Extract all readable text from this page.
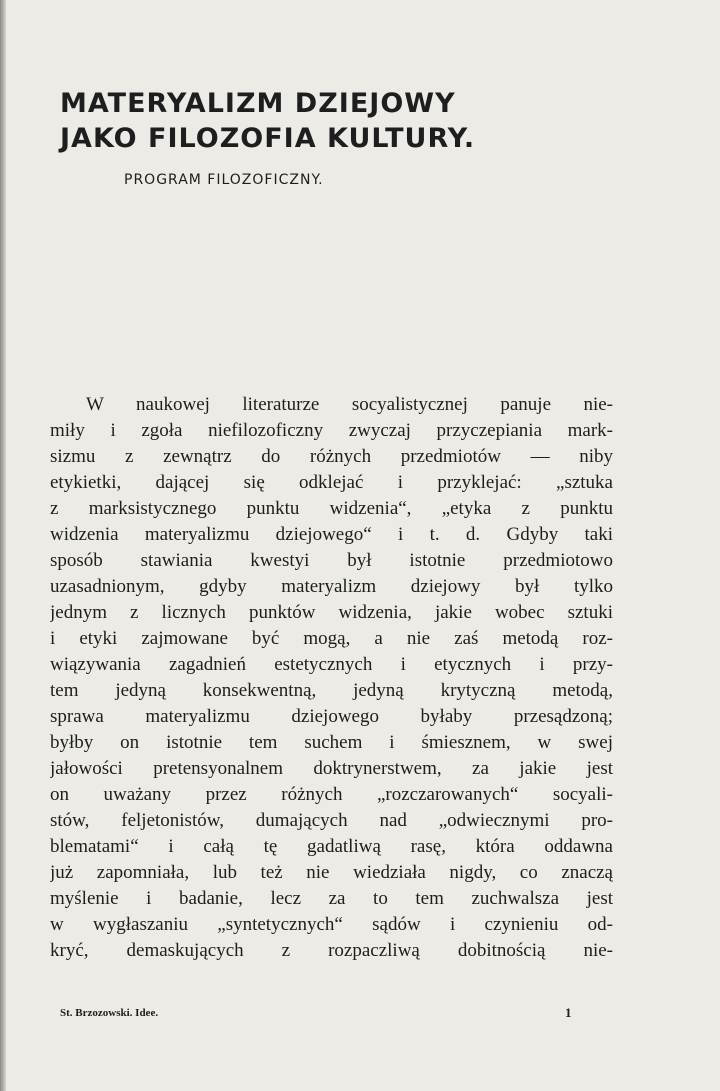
MATERYALIZM DZIEJOWY
JAKO FILOZOFIA KULTURY.

PROGRAM FILOZOFICZNY.

W naukowej literaturze socyalistycznej panuje nie-
miły i zgoła niefilozoficzny zwyczaj przyczepiania mark-
sizmu z zewnątrz do różnych przedmiotów — niby
etykietki, dającej się odklejać i przyklejać: „sztuka
z marksistycznego punktu widzenia“, „etyka z punktu
widzenia materyalizmu dziejowego“ i t. d. Gdyby taki
sposób stawiania kwestyi był istotnie przedmiotowo
uzasadnionym, gdyby materyalizm dziejowy był tylko
jednym z licznych punktów widzenia, jakie wobec sztuki
i etyki zajmowane być mogą, a nie zaś metodą roz-
wiązywania zagadnień estetycznych i etycznych i przy-
tem jedyną konsekwentną, jedyną krytyczną metodą,
sprawa materyalizmu dziejowego byłaby przesądzoną;
byłby on istotnie tem suchem i śmiesznem, w swej
jałowości pretensyonalnem doktrynerstwem, za jakie jest
on uważany przez różnych „rozczarowanych“ socyali-
stów, feljetonistów, dumających nad „odwiecznymi pro-
blematami“ i całą tę gadatliwą rasę, która oddawna
już zapomniała, lub też nie wiedziała nigdy, co znaczą
myślenie i badanie, lecz za to tem zuchwalsza jest
w wygłaszaniu „syntetycznych“ sądów i czynieniu od-
kryć, demaskujących z rozpaczliwą dobitnością nie-
St. Brzozowski. Idee.	1
